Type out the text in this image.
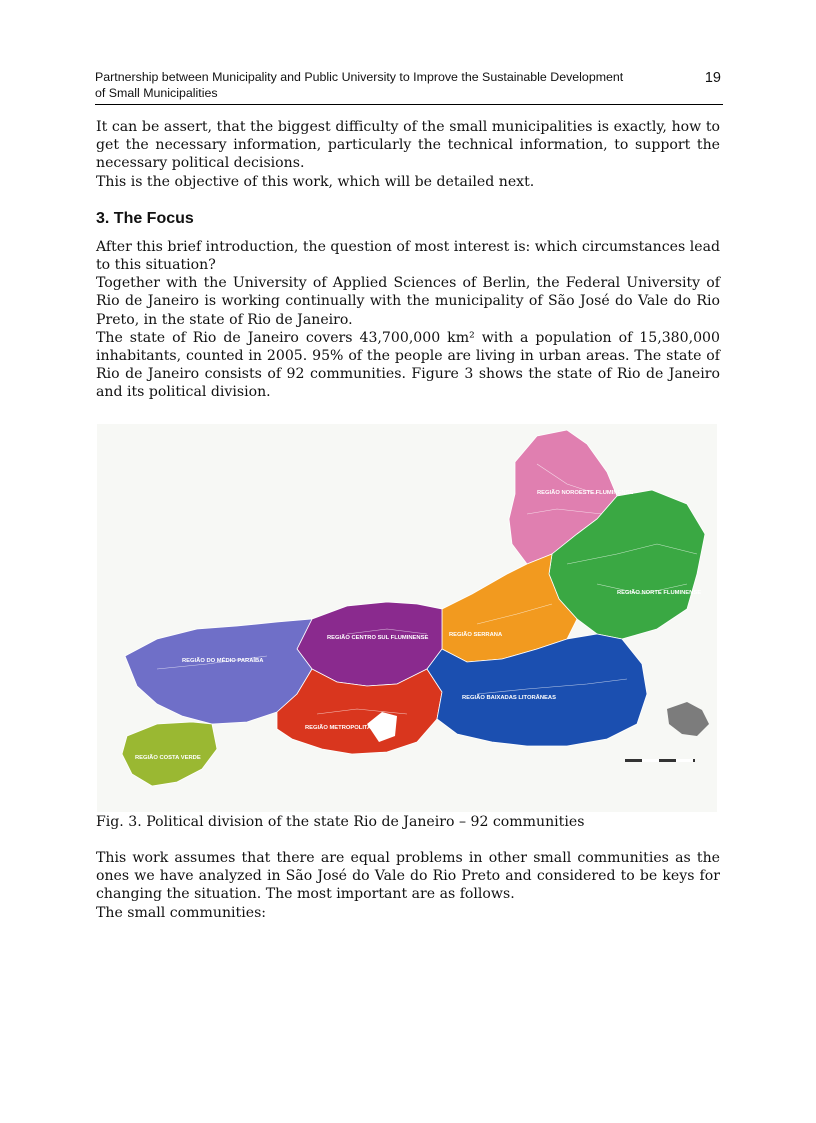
Partnership between Municipality and Public University to Improve the Sustainable Development of Small Municipalities
19

It can be assert, that the biggest difficulty of the small municipalities is exactly, how to get the necessary information, particularly the technical information, to support the necessary political decisions.

This is the objective of this work, which will be detailed next.

3. The Focus

After this brief introduction, the question of most interest is: which circumstances lead to this situation?

Together with the University of Applied Sciences of Berlin, the Federal University of Rio de Janeiro is working continually with the municipality of São José do Vale do Rio Preto, in the state of Rio de Janeiro.

The state of Rio de Janeiro covers 43,700,000 km² with a population of 15,380,000 inhabitants, counted in 2005. 95% of the people are living in urban areas. The state of Rio de Janeiro consists of 92 communities. Figure 3 shows the state of Rio de Janeiro and its political division.

REGIÃO NOROESTE FLUMINENSE
REGIÃO NORTE FLUMINENSE
REGIÃO CENTRO SUL FLUMINENSE	REGIÃO SERRANA
REGIÃO DO MÉDIO PARAÍBA
REGIÃO METROPOLITANA
REGIÃO BAIXADAS LITORÂNEAS
REGIÃO COSTA VERDE
Fig. 3. Political division of the state Rio de Janeiro – 92 communities

This work assumes that there are equal problems in other small communities as the ones we have analyzed in São José do Vale do Rio Preto and considered to be keys for changing the situation. The most important are as follows.

The small communities:
